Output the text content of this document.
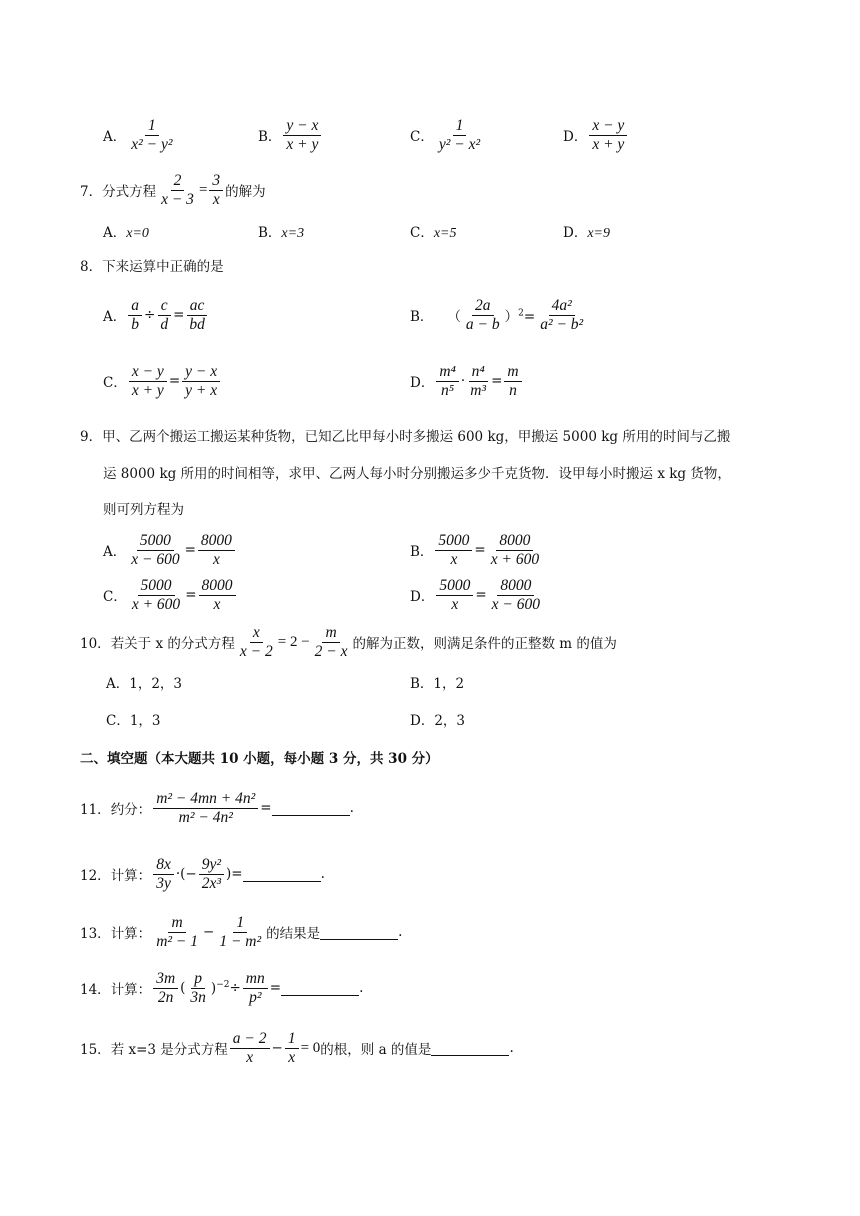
A． $\frac{1}{\text{x² − y²}}$	B． $\frac{y - x}{x + y}$	C． $\frac{1}{\text{y² − x²}}$	D． $\frac{x - y}{x + y}$
7． 分式方程 $\frac{2}{x - 3} = \frac{3}{x}$ 的解为
A．x=0	B．x=3	C．x=5	D．x=9
8．下来运算中正确的是
A． $\frac{a}{b} \div \frac{c}{d} = \frac{ac}{bd}$	B． （ $\frac{2a}{a - b} )^2= \frac{\text{4a²}}{\text{a² − b²}}$
C． $\frac{x - y}{x + y} = \frac{y - x}{y + x}$	D． $\frac{\text{m⁴}}{\text{n⁵}} \cdot \frac{\text{n⁴}}{\text{m³}} = \frac{m}{n}$
9．甲、乙两个搬运工搬运某种货物，已知乙比甲每小时多搬运 600 kg，甲搬运 5000 kg 所用的时间与乙搬
运 8000 kg 所用的时间相等，求甲、乙两人每小时分别搬运多少千克货物．设甲每小时搬运 x kg 货物，
则可列方程为
A． $\frac{5000}{x - 600} = \frac{8000}{x}$	B． $\frac{5000}{x} = \frac{8000}{x + 600}$
C． $\frac{5000}{x + 600} = \frac{8000}{x}$	D． $\frac{5000}{x} = \frac{8000}{x - 600}$
10． 若关于 x 的分式方程 $\frac{x}{x - 2} = 2 - \frac{m}{2 - x}$ 的解为正数，则满足条件的正整数 m 的值为
A．1，2，3	B．1，2
C．1，3	D．2，3
二、填空题（本大题共 10 小题，每小题 3 分，共 30 分）
11． 约分： $\frac{\text{m² − 4mn + 4n²}}{\text{m² − 4n²}}$ =	.
12． 计算： $\frac{8x}{3y}$ ·(− $\frac{\text{9y²}}{\text{2x³}}$ )=	.
13． 计算： $\frac{m}{\text{m² − 1}} - \frac{1}{\text{1 − m²}}$ 的结果是	.
14． 计算： $\frac{3m}{2n}$ ( $\frac{p}{3n} )^{-2} \div \frac{mn}{\text{p²}}$ =	.
15． 若 x=3 是分式方程 $\frac{a - 2}{x} - \frac{1}{x} = 0$ 的根，则 a 的值是	.
